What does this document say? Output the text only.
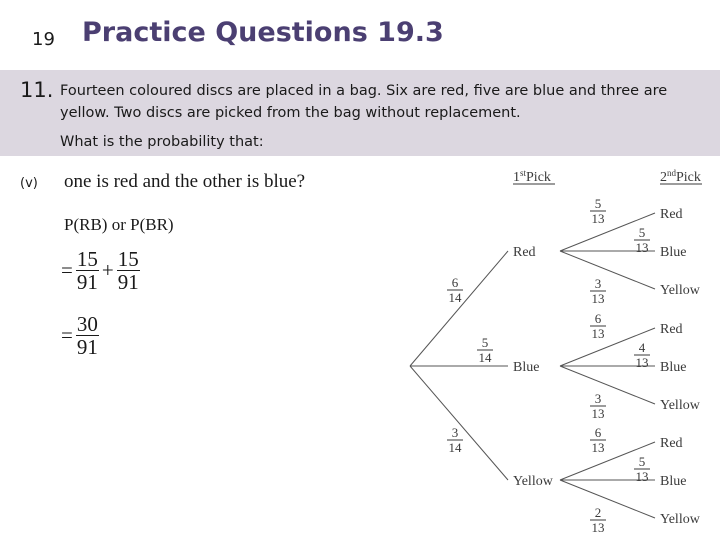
19 Practice Questions 19.3
11. Fourteen coloured discs are placed in a bag. Six are red, five are blue and three are yellow. Two discs are picked from the bag without replacement.
What is the probability that:
(v) one is red and the other is blue?
P(RB) or P(BR)
= $\frac{15}{91} + \frac{15}{91}$
= $\frac{30}{91}$
1stPick	2ndPick
Red
6
14
Red
5
13
Blue
5
13
Yellow
3
13
Blue
5
14
Red
6
13
Blue
4
13
Yellow
3
13
Yellow
3
14	Red
6
13
Blue
5
13
Yellow
2
13
